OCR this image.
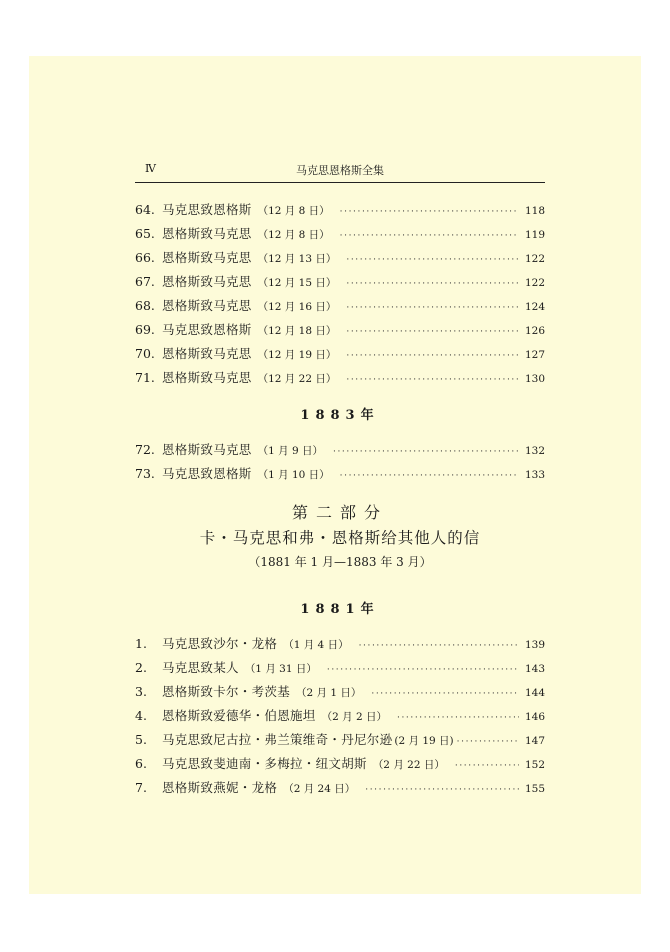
Ⅳ	马克思恩格斯全集
64. 马克思致恩格斯 （12 月 8 日） ·····	118
65. 恩格斯致马克思 （12 月 8 日） ·····	119
66. 恩格斯致马克思 （12 月 13 日） ·····	122
67. 恩格斯致马克思 （12 月 15 日） ·····	122
68. 恩格斯致马克思 （12 月 16 日） ·····	124
69. 马克思致恩格斯 （12 月 18 日） ·····	126
70. 恩格斯致马克思 （12 月 19 日） ·····	127
71. 恩格斯致马克思 （12 月 22 日） ·····	130
1883年
72. 恩格斯致马克思 （1 月 9 日） ·····	132
73. 马克思致恩格斯 （1 月 10 日） ·····	133
第二部分
卡・马克思和弗・恩格斯给其他人的信
（1881 年 1 月—1883 年 3 月）
1881年
1.	马克思致沙尔・龙格 （1 月 4 日） ·····	139
2.	马克思致某人 （1 月 31 日） ·····	143
3.	恩格斯致卡尔・考茨基 （2 月 1 日） ·····	144
4.	恩格斯致爱德华・伯恩施坦 （2 月 2 日） ·····	146
5.	马克思致尼古拉・弗兰策维奇・丹尼尔逊 (2 月 19 日) ·····	147
6.	马克思致斐迪南・多梅拉・纽文胡斯 （2 月 22 日） ·····	152
7.	恩格斯致燕妮・龙格 （2 月 24 日） ·····	155
